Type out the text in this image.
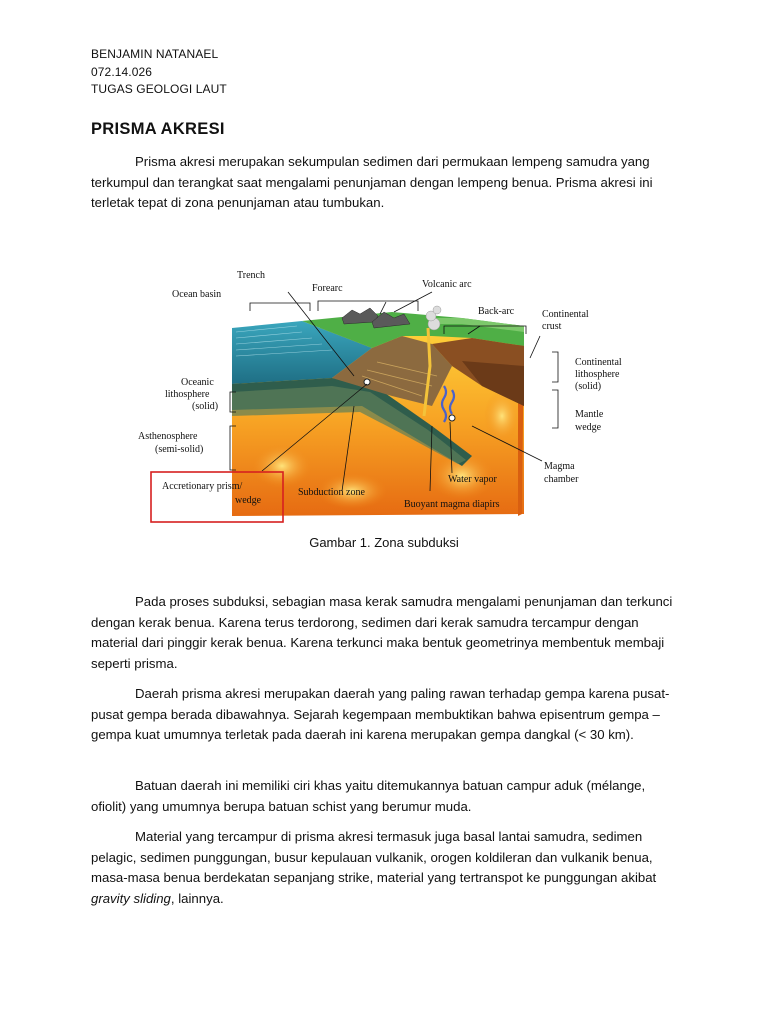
BENJAMIN NATANAEL
072.14.026
TUGAS GEOLOGI LAUT
PRISMA AKRESI

Prisma akresi merupakan sekumpulan sedimen dari permukaan lempeng samudra yang terkumpul dan terangkat saat mengalami penunjaman dengan lempeng benua. Prisma akresi ini terletak tepat di zona penunjaman atau tumbukan.

Ocean basin
Trench
Forearc	Volcanic arc
Back-arc	Continental
crust
Oceanic
lithosphere
(solid)
Asthenosphere
(semi-solid)
Continental
lithosphere
(solid)
Mantle
wedge
Accretionary prism/
wedge
Subduction zone
Water vapor
Magma
chamber
Buoyant magma diapirs

Gambar 1. Zona subduksi

Pada proses subduksi, sebagian masa kerak samudra mengalami penunjaman dan terkunci dengan kerak benua. Karena terus terdorong, sedimen dari kerak samudra tercampur dengan material dari pinggir kerak benua. Karena terkunci maka bentuk geometrinya membentuk membaji seperti prisma.

Daerah prisma akresi merupakan daerah yang paling rawan terhadap gempa karena pusat-pusat gempa berada dibawahnya. Sejarah kegempaan membuktikan bahwa episentrum gempa –gempa kuat umumnya terletak pada daerah ini karena merupakan gempa dangkal (< 30 km).

Batuan daerah ini memiliki ciri khas yaitu ditemukannya batuan campur aduk (mélange, ofiolit) yang umumnya berupa batuan schist yang berumur muda.

Material yang tercampur di prisma akresi termasuk juga basal lantai samudra, sedimen pelagic, sedimen punggungan, busur kepulauan vulkanik, orogen koldileran dan vulkanik benua, masa-masa benua berdekatan sepanjang strike, material yang tertranspot ke punggungan akibat gravity sliding, lainnya.
